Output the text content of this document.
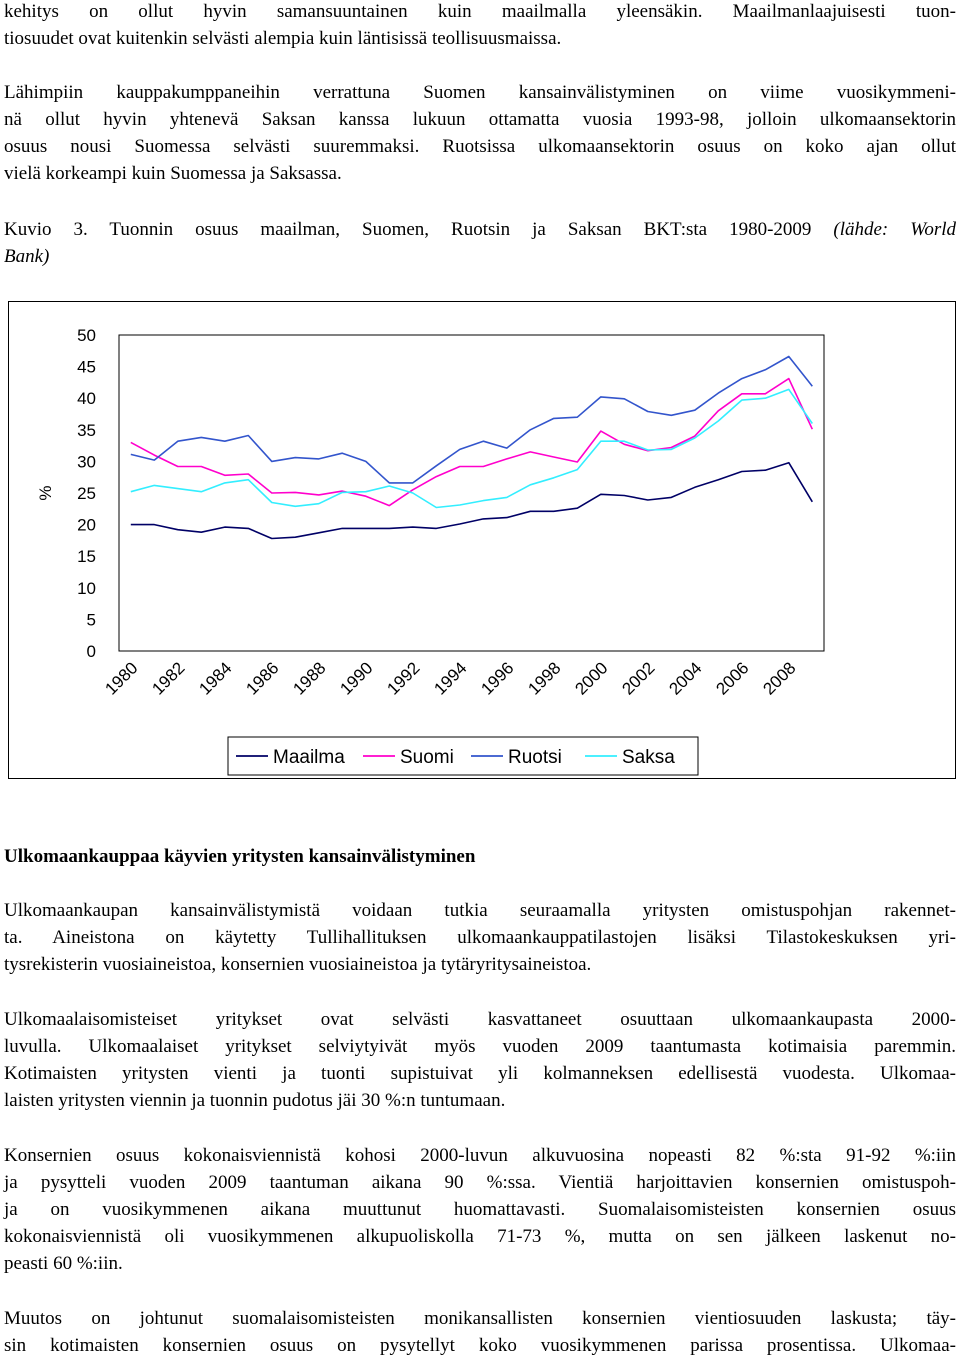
kehitys on ollut hyvin samansuuntainen kuin maailmalla yleensäkin. Maailmanlaajuisesti tuon-
tiosuudet ovat kuitenkin selvästi alempia kuin läntisissä teollisuusmaissa.
Lähimpiin kauppakumppaneihin verrattuna Suomen kansainvälistyminen on viime vuosikymmeni-
nä ollut hyvin yhtenevä Saksan kanssa lukuun ottamatta vuosia 1993-98, jolloin ulkomaansektorin
osuus nousi Suomessa selvästi suuremmaksi. Ruotsissa ulkomaansektorin osuus on koko ajan ollut
vielä korkeampi kuin Suomessa ja Saksassa.
Kuvio 3. Tuonnin osuus maailman, Suomen, Ruotsin ja Saksan BKT:sta 1980-2009 (lähde: World
Bank)
50
45
40
35
30
25
20
15
10
5
0
%
1980 1982 1984 1986 1988 1990 1992 1994 1996 1998 2000 2002 2004 2006 2008
Maailma	Suomi	Ruotsi	Saksa
Ulkomaankauppaa käyvien yritysten kansainvälistyminen
Ulkomaankaupan kansainvälistymistä voidaan tutkia seuraamalla yritysten omistuspohjan rakennet-
ta. Aineistona on käytetty Tullihallituksen ulkomaankauppatilastojen lisäksi Tilastokeskuksen yri-
tysrekisterin vuosiaineistoa, konsernien vuosiaineistoa ja tytäryritysaineistoa.
Ulkomaalaisomisteiset yritykset ovat selvästi kasvattaneet osuuttaan ulkomaankaupasta 2000-
luvulla. Ulkomaalaiset yritykset selviytyivät myös vuoden 2009 taantumasta kotimaisia paremmin.
Kotimaisten yritysten vienti ja tuonti supistuivat yli kolmanneksen edellisestä vuodesta. Ulkomaa-
laisten yritysten viennin ja tuonnin pudotus jäi 30 %:n tuntumaan.
Konsernien osuus kokonaisviennistä kohosi 2000-luvun alkuvuosina nopeasti 82 %:sta 91-92 %:iin
ja pysytteli vuoden 2009 taantuman aikana 90 %:ssa. Vientiä harjoittavien konsernien omistuspoh-
ja on vuosikymmenen aikana muuttunut huomattavasti. Suomalaisomisteisten konsernien osuus
kokonaisviennistä oli vuosikymmenen alkupuoliskolla 71-73 %, mutta on sen jälkeen laskenut no-
peasti 60 %:iin.
Muutos on johtunut suomalaisomisteisten monikansallisten konsernien vientiosuuden laskusta; täy-
sin kotimaisten konsernien osuus on pysytellyt koko vuosikymmenen parissa prosentissa. Ulkomaa-
